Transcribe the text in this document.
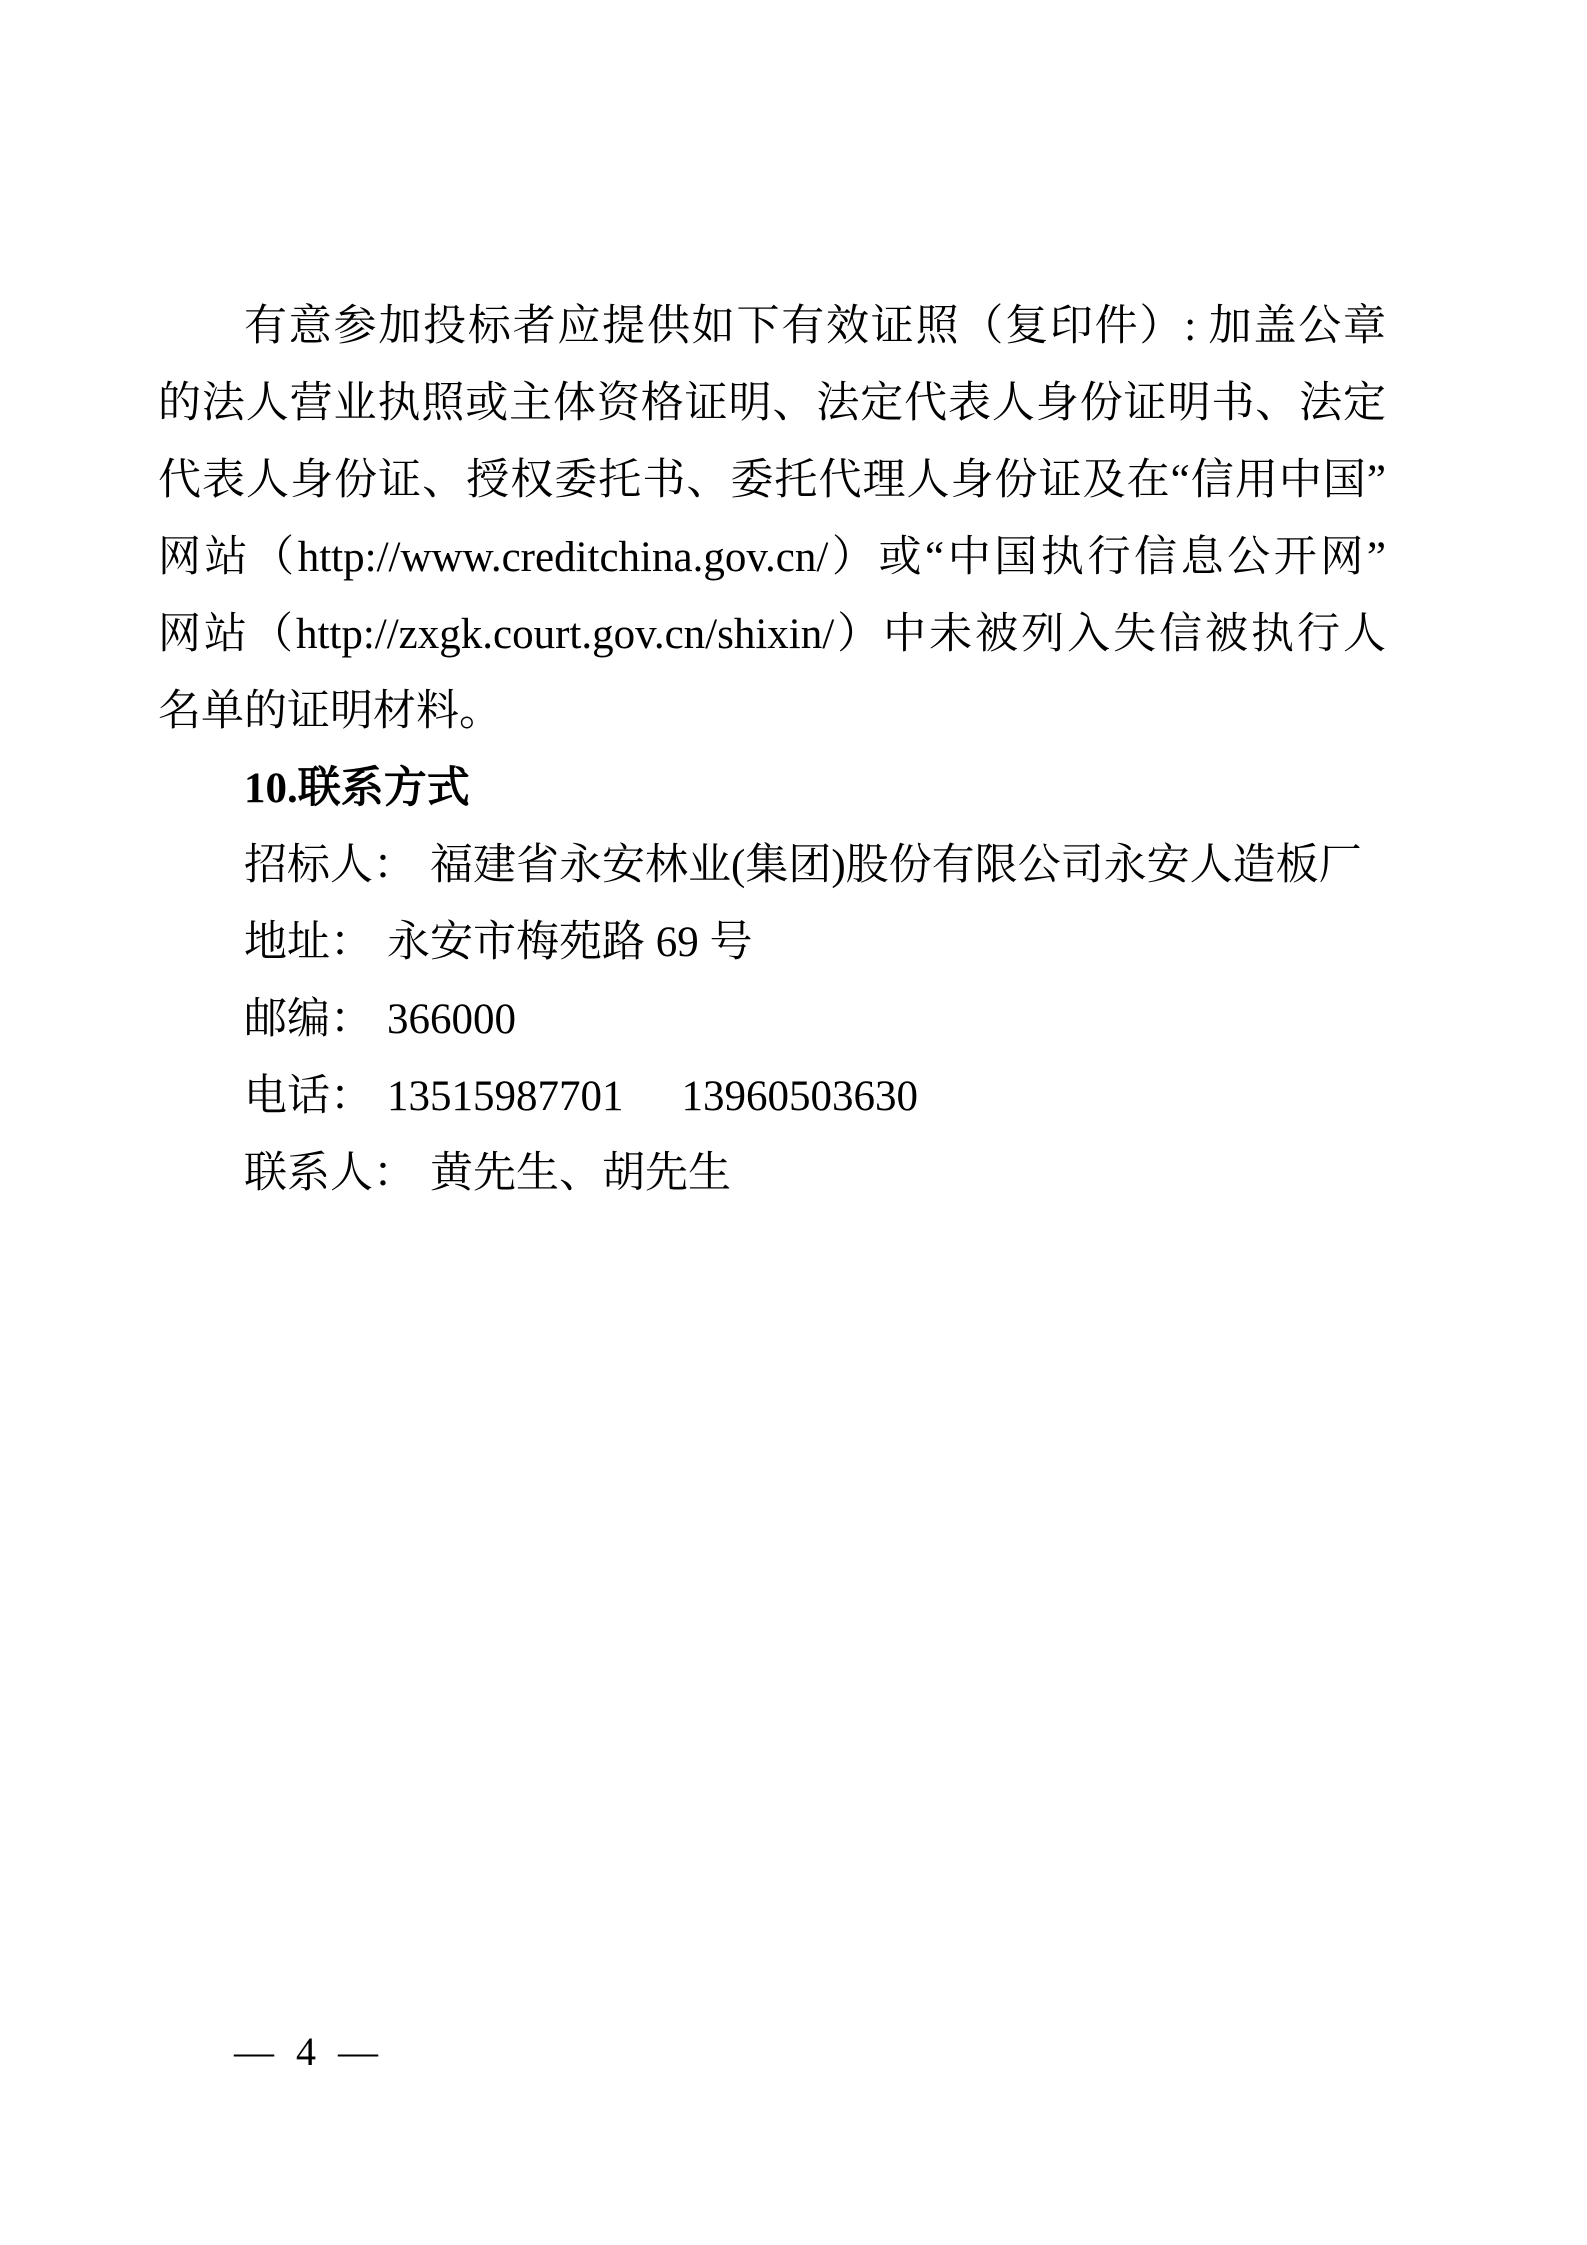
有意参加投标者应提供如下有效证照（复印件）: 加盖公章
的法人营业执照或主体资格证明、法定代表人身份证明书、法定
代表人身份证、授权委托书、委托代理人身份证及在“信用中国”
网站（http://www.creditchina.gov.cn/）或“中国执行信息公开网”
网站（http://zxgk.court.gov.cn/shixin/）中未被列入失信被执行人
名单的证明材料。
10.联系方式
招标人： 福建省永安林业(集团)股份有限公司永安人造板厂
地址： 永安市梅苑路 69 号
邮编： 366000
电话： 13515987701 13960503630
联系人： 黄先生、胡先生
— 4 —
